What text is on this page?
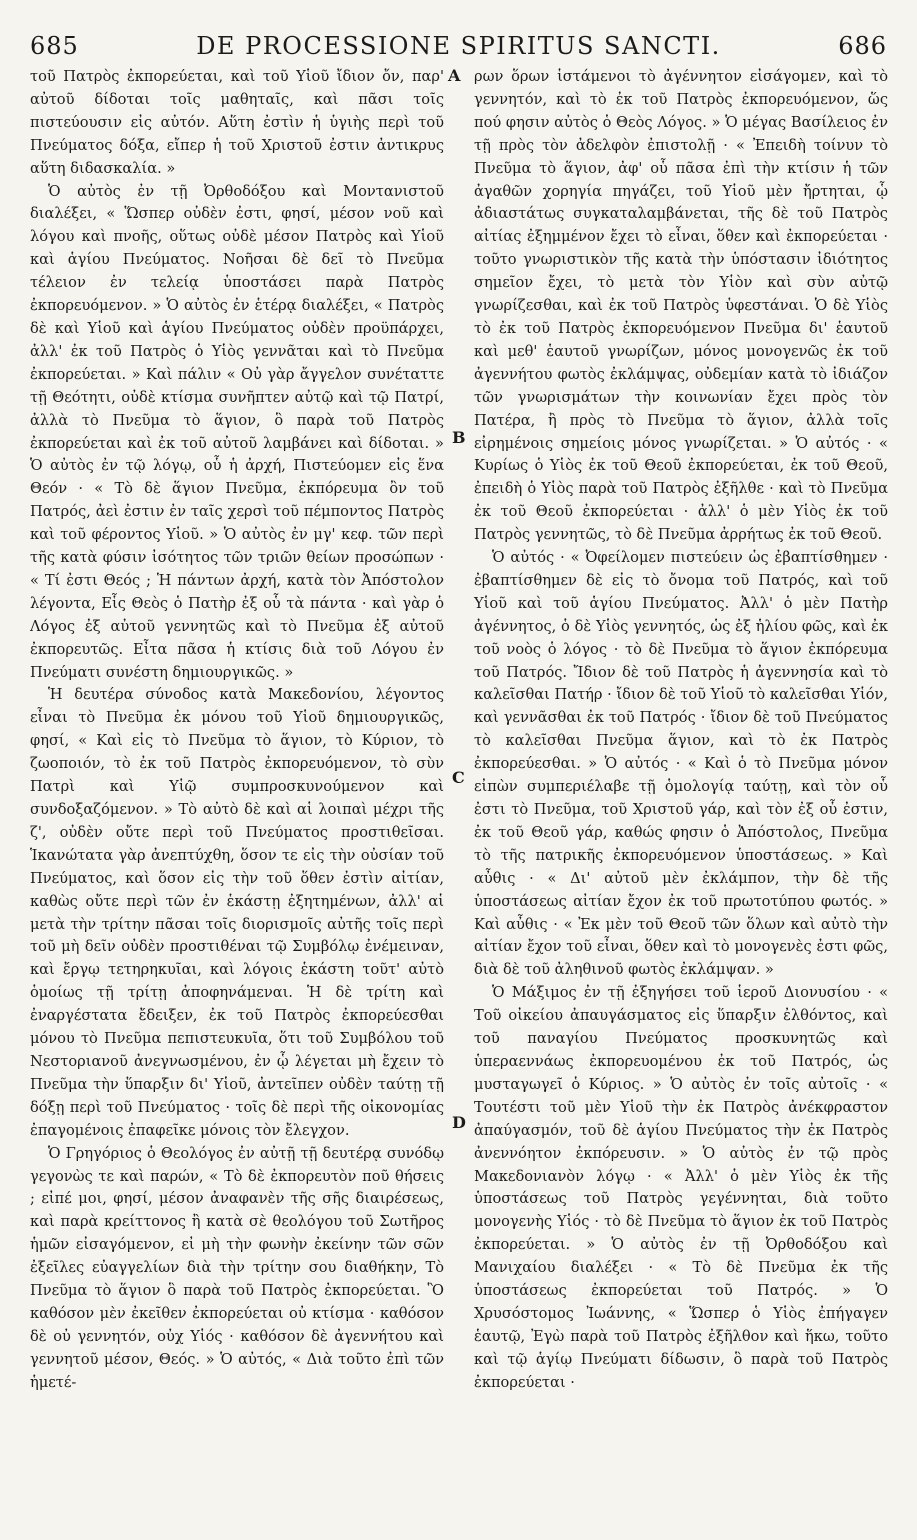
685	DE PROCESSIONE SPIRITUS SANCTI.	686
A
B
C
D

τοῦ Πατρὸς ἐκπορεύεται, καὶ τοῦ Υἱοῦ ἴδιον ὄν, παρ' αὐτοῦ δίδοται τοῖς μαθηταῖς, καὶ πᾶσι τοῖς πιστεύουσιν εἰς αὐτόν. Αὕτη ἐστὶν ἡ ὑγιὴς περὶ τοῦ Πνεύματος δόξα, εἴπερ ἡ τοῦ Χριστοῦ ἐστιν ἀντικρυς αὕτη διδασκαλία. »

Ὁ αὐτὸς ἐν τῇ Ὀρθοδόξου καὶ Μοντανιστοῦ διαλέξει, « Ὥσπερ οὐδὲν ἐστι, φησί, μέσον νοῦ καὶ λόγου καὶ πνοῆς, οὕτως οὐδὲ μέσον Πατρὸς καὶ Υἱοῦ καὶ ἁγίου Πνεύματος. Νοῆσαι δὲ δεῖ τὸ Πνεῦμα τέλειον ἐν τελείᾳ ὑποστάσει παρὰ Πατρὸς ἐκπορευόμενον. » Ὁ αὐτὸς ἐν ἑτέρᾳ διαλέξει, « Πατρὸς δὲ καὶ Υἱοῦ καὶ ἁγίου Πνεύματος οὐδὲν προϋπάρχει, ἀλλ' ἐκ τοῦ Πατρὸς ὁ Υἱὸς γεννᾶται καὶ τὸ Πνεῦμα ἐκπορεύεται. » Καὶ πάλιν « Οὐ γὰρ ἄγγελον συνέταττε τῇ Θεότητι, οὐδὲ κτίσμα συνῆπτεν αὐτῷ καὶ τῷ Πατρί, ἀλλὰ τὸ Πνεῦμα τὸ ἅγιον, ὃ παρὰ τοῦ Πατρὸς ἐκπορεύεται καὶ ἐκ τοῦ αὐτοῦ λαμβάνει καὶ δίδοται. » Ὁ αὐτὸς ἐν τῷ λόγῳ, οὗ ἡ ἀρχή, Πιστεύομεν εἰς ἕνα Θεόν · « Τὸ δὲ ἅγιον Πνεῦμα, ἐκπόρευμα ὂν τοῦ Πατρός, ἀεὶ ἐστιν ἐν ταῖς χερσὶ τοῦ πέμποντος Πατρὸς καὶ τοῦ φέροντος Υἱοῦ. » Ὁ αὐτὸς ἐν μγ' κεφ. τῶν περὶ τῆς κατὰ φύσιν ἰσότητος τῶν τριῶν θείων προσώπων · « Τί ἐστι Θεός ; Ἡ πάντων ἀρχή, κατὰ τὸν Ἀπόστολον λέγοντα, Εἷς Θεὸς ὁ Πατὴρ ἐξ οὗ τὰ πάντα · καὶ γὰρ ὁ Λόγος ἐξ αὐτοῦ γεννητῶς καὶ τὸ Πνεῦμα ἐξ αὐτοῦ ἐκπορευτῶς. Εἶτα πᾶσα ἡ κτίσις διὰ τοῦ Λόγου ἐν Πνεύματι συνέστη δημιουργικῶς. »

Ἡ δευτέρα σύνοδος κατὰ Μακεδονίου, λέγοντος εἶναι τὸ Πνεῦμα ἐκ μόνου τοῦ Υἱοῦ δημιουργικῶς, φησί, « Καὶ εἰς τὸ Πνεῦμα τὸ ἅγιον, τὸ Κύριον, τὸ ζωοποιόν, τὸ ἐκ τοῦ Πατρὸς ἐκπορευόμενον, τὸ σὺν Πατρὶ καὶ Υἱῷ συμπροσκυνούμενον καὶ συνδοξαζόμενον. » Τὸ αὐτὸ δὲ καὶ αἱ λοιπαὶ μέχρι τῆς ζ', οὐδὲν οὔτε περὶ τοῦ Πνεύματος προστιθεῖσαι. Ἱκανώτατα γὰρ ἀνεπτύχθη, ὅσον τε εἰς τὴν οὐσίαν τοῦ Πνεύματος, καὶ ὅσον εἰς τὴν τοῦ ὅθεν ἐστὶν αἰτίαν, καθὼς οὔτε περὶ τῶν ἐν ἑκάστῃ ἐξητημένων, ἀλλ' αἱ μετὰ τὴν τρίτην πᾶσαι τοῖς διορισμοῖς αὐτῆς τοῖς περὶ τοῦ μὴ δεῖν οὐδὲν προστιθέναι τῷ Συμβόλῳ ἐνέμειναν, καὶ ἔργῳ τετηρηκυῖαι, καὶ λόγοις ἑκάστη τοῦτ' αὐτὸ ὁμοίως τῇ τρίτῃ ἀποφηνάμεναι. Ἡ δὲ τρίτη καὶ ἐναργέστατα ἔδειξεν, ἐκ τοῦ Πατρὸς ἐκπορεύεσθαι μόνου τὸ Πνεῦμα πεπιστευκυῖα, ὅτι τοῦ Συμβόλου τοῦ Νεστοριανοῦ ἀνεγνωσμένου, ἐν ᾧ λέγεται μὴ ἔχειν τὸ Πνεῦμα τὴν ὕπαρξιν δι' Υἱοῦ, ἀντεῖπεν οὐδὲν ταύτῃ τῇ δόξῃ περὶ τοῦ Πνεύματος · τοῖς δὲ περὶ τῆς οἰκονομίας ἐπαγομένοις ἐπαφεῖκε μόνοις τὸν ἔλεγχον.

Ὁ Γρηγόριος ὁ Θεολόγος ἐν αὐτῇ τῇ δευτέρᾳ συνόδῳ γεγονὼς τε καὶ παρών, « Τὸ δὲ ἐκπορευτὸν ποῦ θήσεις ; εἰπέ μοι, φησί, μέσον ἀναφανὲν τῆς σῆς διαιρέσεως, καὶ παρὰ κρείττονος ἢ κατὰ σὲ θεολόγου τοῦ Σωτῆρος ἡμῶν εἰσαγόμενον, εἰ μὴ τὴν φωνὴν ἐκείνην τῶν σῶν ἐξεῖλες εὐαγγελίων διὰ τὴν τρίτην σου διαθήκην, Τὸ Πνεῦμα τὸ ἅγιον ὃ παρὰ τοῦ Πατρὸς ἐκπορεύεται. Ὃ καθόσον μὲν ἐκεῖθεν ἐκπορεύεται οὐ κτίσμα · καθόσον δὲ οὐ γεννητόν, οὐχ Υἱός · καθόσον δὲ ἀγεννήτου καὶ γεννητοῦ μέσον, Θεός. » Ὁ αὐτός, « Διὰ τοῦτο ἐπὶ τῶν ἡμετέ-

ρων ὅρων ἱστάμενοι τὸ ἀγέννητον εἰσάγομεν, καὶ τὸ γεννητόν, καὶ τὸ ἐκ τοῦ Πατρὸς ἐκπορευόμενον, ὥς πού φησιν αὐτὸς ὁ Θεὸς Λόγος. » Ὁ μέγας Βασίλειος ἐν τῇ πρὸς τὸν ἀδελφὸν ἐπιστολῇ · « Ἐπειδὴ τοίνυν τὸ Πνεῦμα τὸ ἅγιον, ἀφ' οὗ πᾶσα ἐπὶ τὴν κτίσιν ἡ τῶν ἀγαθῶν χορηγία πηγάζει, τοῦ Υἱοῦ μὲν ἤρτηται, ᾧ ἀδιαστάτως συγκαταλαμβάνεται, τῆς δὲ τοῦ Πατρὸς αἰτίας ἐξημμένον ἔχει τὸ εἶναι, ὅθεν καὶ ἐκπορεύεται · τοῦτο γνωριστικὸν τῆς κατὰ τὴν ὑπόστασιν ἰδιότητος σημεῖον ἔχει, τὸ μετὰ τὸν Υἱὸν καὶ σὺν αὐτῷ γνωρίζεσθαι, καὶ ἐκ τοῦ Πατρὸς ὑφεστάναι. Ὁ δὲ Υἱὸς τὸ ἐκ τοῦ Πατρὸς ἐκπορευόμενον Πνεῦμα δι' ἑαυτοῦ καὶ μεθ' ἑαυτοῦ γνωρίζων, μόνος μονογενῶς ἐκ τοῦ ἀγεννήτου φωτὸς ἐκλάμψας, οὐδεμίαν κατὰ τὸ ἰδιάζον τῶν γνωρισμάτων τὴν κοινωνίαν ἔχει πρὸς τὸν Πατέρα, ἢ πρὸς τὸ Πνεῦμα τὸ ἅγιον, ἀλλὰ τοῖς εἰρημένοις σημείοις μόνος γνωρίζεται. » Ὁ αὐτός · « Κυρίως ὁ Υἱὸς ἐκ τοῦ Θεοῦ ἐκπορεύεται, ἐκ τοῦ Θεοῦ, ἐπειδὴ ὁ Υἱὸς παρὰ τοῦ Πατρὸς ἐξῆλθε · καὶ τὸ Πνεῦμα ἐκ τοῦ Θεοῦ ἐκπορεύεται · ἀλλ' ὁ μὲν Υἱὸς ἐκ τοῦ Πατρὸς γεννητῶς, τὸ δὲ Πνεῦμα ἀρρήτως ἐκ τοῦ Θεοῦ.

Ὁ αὐτός · « Ὀφείλομεν πιστεύειν ὡς ἐβαπτίσθημεν · ἐβαπτίσθημεν δὲ εἰς τὸ ὄνομα τοῦ Πατρός, καὶ τοῦ Υἱοῦ καὶ τοῦ ἁγίου Πνεύματος. Ἀλλ' ὁ μὲν Πατὴρ ἀγέννητος, ὁ δὲ Υἱὸς γεννητός, ὡς ἐξ ἡλίου φῶς, καὶ ἐκ τοῦ νοὸς ὁ λόγος · τὸ δὲ Πνεῦμα τὸ ἅγιον ἐκπόρευμα τοῦ Πατρός. Ἴδιον δὲ τοῦ Πατρὸς ἡ ἀγεννησία καὶ τὸ καλεῖσθαι Πατήρ · ἴδιον δὲ τοῦ Υἱοῦ τὸ καλεῖσθαι Υἱόν, καὶ γεννᾶσθαι ἐκ τοῦ Πατρός · ἴδιον δὲ τοῦ Πνεύματος τὸ καλεῖσθαι Πνεῦμα ἅγιον, καὶ τὸ ἐκ Πατρὸς ἐκπορεύεσθαι. » Ὁ αὐτός · « Καὶ ὁ τὸ Πνεῦμα μόνον εἰπὼν συμπεριέλαβε τῇ ὁμολογίᾳ ταύτῃ, καὶ τὸν οὗ ἐστι τὸ Πνεῦμα, τοῦ Χριστοῦ γάρ, καὶ τὸν ἐξ οὗ ἐστιν, ἐκ τοῦ Θεοῦ γάρ, καθώς φησιν ὁ Ἀπόστολος, Πνεῦμα τὸ τῆς πατρικῆς ἐκπορευόμενον ὑποστάσεως. » Καὶ αὖθις · « Δι' αὐτοῦ μὲν ἐκλάμπον, τὴν δὲ τῆς ὑποστάσεως αἰτίαν ἔχον ἐκ τοῦ πρωτοτύπου φωτός. » Καὶ αὖθις · « Ἐκ μὲν τοῦ Θεοῦ τῶν ὅλων καὶ αὐτὸ τὴν αἰτίαν ἔχον τοῦ εἶναι, ὅθεν καὶ τὸ μονογενὲς ἐστι φῶς, διὰ δὲ τοῦ ἀληθινοῦ φωτὸς ἐκλάμψαν. »

Ὁ Μάξιμος ἐν τῇ ἐξηγήσει τοῦ ἱεροῦ Διονυσίου · « Τοῦ οἰκείου ἀπαυγάσματος εἰς ὕπαρξιν ἐλθόντος, καὶ τοῦ παναγίου Πνεύματος προσκυνητῶς καὶ ὑπεραεννάως ἐκπορευομένου ἐκ τοῦ Πατρός, ὡς μυσταγωγεῖ ὁ Κύριος. » Ὁ αὐτὸς ἐν τοῖς αὐτοῖς · « Τουτέστι τοῦ μὲν Υἱοῦ τὴν ἐκ Πατρὸς ἀνέκφραστον ἀπαύγασμόν, τοῦ δὲ ἁγίου Πνεύματος τὴν ἐκ Πατρὸς ἀνεννόητον ἐκπόρευσιν. » Ὁ αὐτὸς ἐν τῷ πρὸς Μακεδονιανὸν λόγῳ · « Ἀλλ' ὁ μὲν Υἱὸς ἐκ τῆς ὑποστάσεως τοῦ Πατρὸς γεγέννηται, διὰ τοῦτο μονογενὴς Υἱός · τὸ δὲ Πνεῦμα τὸ ἅγιον ἐκ τοῦ Πατρὸς ἐκπορεύεται. » Ὁ αὐτὸς ἐν τῇ Ὀρθοδόξου καὶ Μανιχαίου διαλέξει · « Τὸ δὲ Πνεῦμα ἐκ τῆς ὑποστάσεως ἐκπορεύεται τοῦ Πατρός. » Ὁ Χρυσόστομος Ἰωάννης, « Ὥσπερ ὁ Υἱὸς ἐπήγαγεν ἑαυτῷ, Ἐγὼ παρὰ τοῦ Πατρὸς ἐξῆλθον καὶ ἥκω, τοῦτο καὶ τῷ ἁγίῳ Πνεύματι δίδωσιν, ὃ παρὰ τοῦ Πατρὸς ἐκπορεύεται ·
